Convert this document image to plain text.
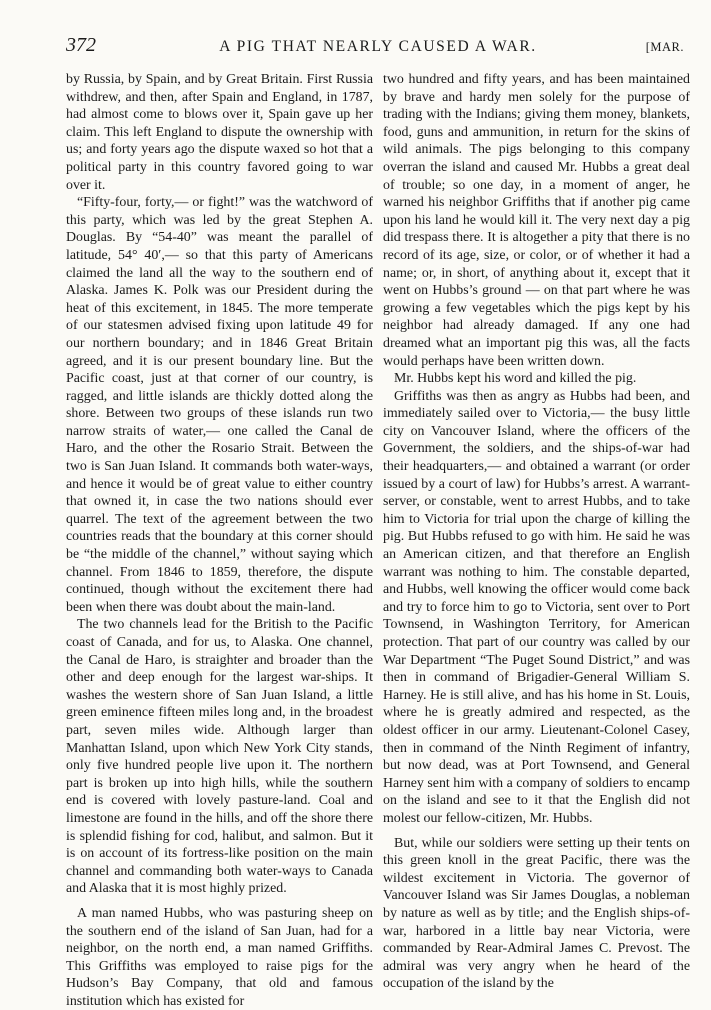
372	A PIG THAT NEARLY CAUSED A WAR.	[MAR.

by Russia, by Spain, and by Great Britain. First Russia withdrew, and then, after Spain and England, in 1787, had almost come to blows over it, Spain gave up her claim. This left England to dispute the ownership with us; and forty years ago the dispute waxed so hot that a political party in this country favored going to war over it.

“Fifty-four, forty,— or fight!” was the watchword of this party, which was led by the great Stephen A. Douglas. By “54-40” was meant the parallel of latitude, 54° 40′,— so that this party of Americans claimed the land all the way to the southern end of Alaska. James K. Polk was our President during the heat of this excitement, in 1845. The more temperate of our statesmen advised fixing upon latitude 49 for our northern boundary; and in 1846 Great Britain agreed, and it is our present boundary line. But the Pacific coast, just at that corner of our country, is ragged, and little islands are thickly dotted along the shore. Between two groups of these islands run two narrow straits of water,— one called the Canal de Haro, and the other the Rosario Strait. Between the two is San Juan Island. It commands both water-ways, and hence it would be of great value to either country that owned it, in case the two nations should ever quarrel. The text of the agreement between the two countries reads that the boundary at this corner should be “the middle of the channel,” without saying which channel. From 1846 to 1859, therefore, the dispute continued, though without the excitement there had been when there was doubt about the main-land.

The two channels lead for the British to the Pacific coast of Canada, and for us, to Alaska. One channel, the Canal de Haro, is straighter and broader than the other and deep enough for the largest war-ships. It washes the western shore of San Juan Island, a little green eminence fifteen miles long and, in the broadest part, seven miles wide. Although larger than Manhattan Island, upon which New York City stands, only five hundred people live upon it. The northern part is broken up into high hills, while the southern end is covered with lovely pasture-land. Coal and limestone are found in the hills, and off the shore there is splendid fishing for cod, halibut, and salmon. But it is on account of its fortress-like position on the main channel and commanding both water-ways to Canada and Alaska that it is most highly prized.

A man named Hubbs, who was pasturing sheep on the southern end of the island of San Juan, had for a neighbor, on the north end, a man named Griffiths. This Griffiths was employed to raise pigs for the Hudson’s Bay Company, that old and famous institution which has existed for

two hundred and fifty years, and has been maintained by brave and hardy men solely for the purpose of trading with the Indians; giving them money, blankets, food, guns and ammunition, in return for the skins of wild animals. The pigs belonging to this company overran the island and caused Mr. Hubbs a great deal of trouble; so one day, in a moment of anger, he warned his neighbor Griffiths that if another pig came upon his land he would kill it. The very next day a pig did trespass there. It is altogether a pity that there is no record of its age, size, or color, or of whether it had a name; or, in short, of anything about it, except that it went on Hubbs’s ground — on that part where he was growing a few vegetables which the pigs kept by his neighbor had already damaged. If any one had dreamed what an important pig this was, all the facts would perhaps have been written down.

Mr. Hubbs kept his word and killed the pig.

Griffiths was then as angry as Hubbs had been, and immediately sailed over to Victoria,— the busy little city on Vancouver Island, where the officers of the Government, the soldiers, and the ships-of-war had their headquarters,— and obtained a warrant (or order issued by a court of law) for Hubbs’s arrest. A warrant-server, or constable, went to arrest Hubbs, and to take him to Victoria for trial upon the charge of killing the pig. But Hubbs refused to go with him. He said he was an American citizen, and that therefore an English warrant was nothing to him. The constable departed, and Hubbs, well knowing the officer would come back and try to force him to go to Victoria, sent over to Port Townsend, in Washington Territory, for American protection. That part of our country was called by our War Department “The Puget Sound District,” and was then in command of Brigadier-General William S. Harney. He is still alive, and has his home in St. Louis, where he is greatly admired and respected, as the oldest officer in our army. Lieutenant-Colonel Casey, then in command of the Ninth Regiment of infantry, but now dead, was at Port Townsend, and General Harney sent him with a company of soldiers to encamp on the island and see to it that the English did not molest our fellow-citizen, Mr. Hubbs.

But, while our soldiers were setting up their tents on this green knoll in the great Pacific, there was the wildest excitement in Victoria. The governor of Vancouver Island was Sir James Douglas, a nobleman by nature as well as by title; and the English ships-of-war, harbored in a little bay near Victoria, were commanded by Rear-Admiral James C. Prevost. The admiral was very angry when he heard of the occupation of the island by the
